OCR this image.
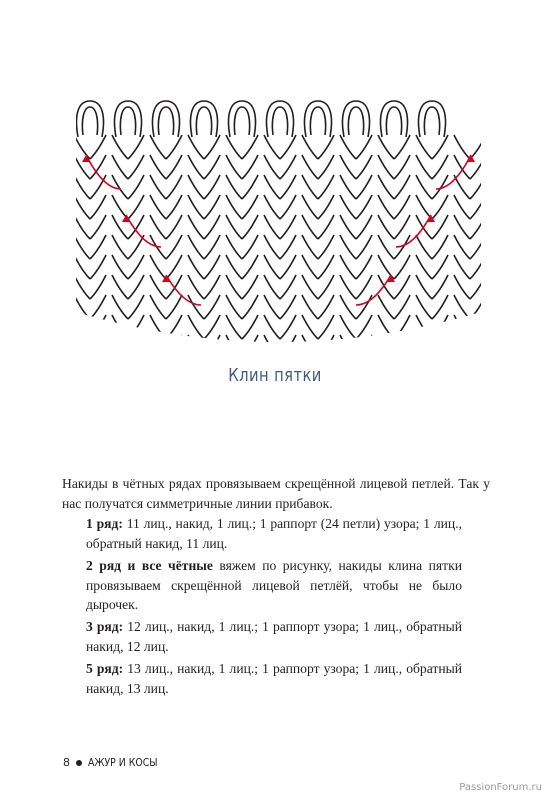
Клин пятки
Накиды в чётных рядах провязываем скрещённой лицевой петлей. Так у нас получатся симметричные линии прибавок.
1 ряд: 11 лиц., накид, 1 лиц.; 1 раппорт (24 петли) узора; 1 лиц., обратный накид, 11 лиц.
2 ряд и все чётные вяжем по рисунку, накиды клина пятки провязываем скрещённой лицевой петлёй, чтобы не было дырочек.
3 ряд: 12 лиц., накид, 1 лиц.; 1 раппорт узора; 1 лиц., обратный накид, 12 лиц.
5 ряд: 13 лиц., накид, 1 лиц.; 1 раппорт узора; 1 лиц., обратный накид, 13 лиц.
8 АЖУР И КОСЫ
PassionForum.ru
